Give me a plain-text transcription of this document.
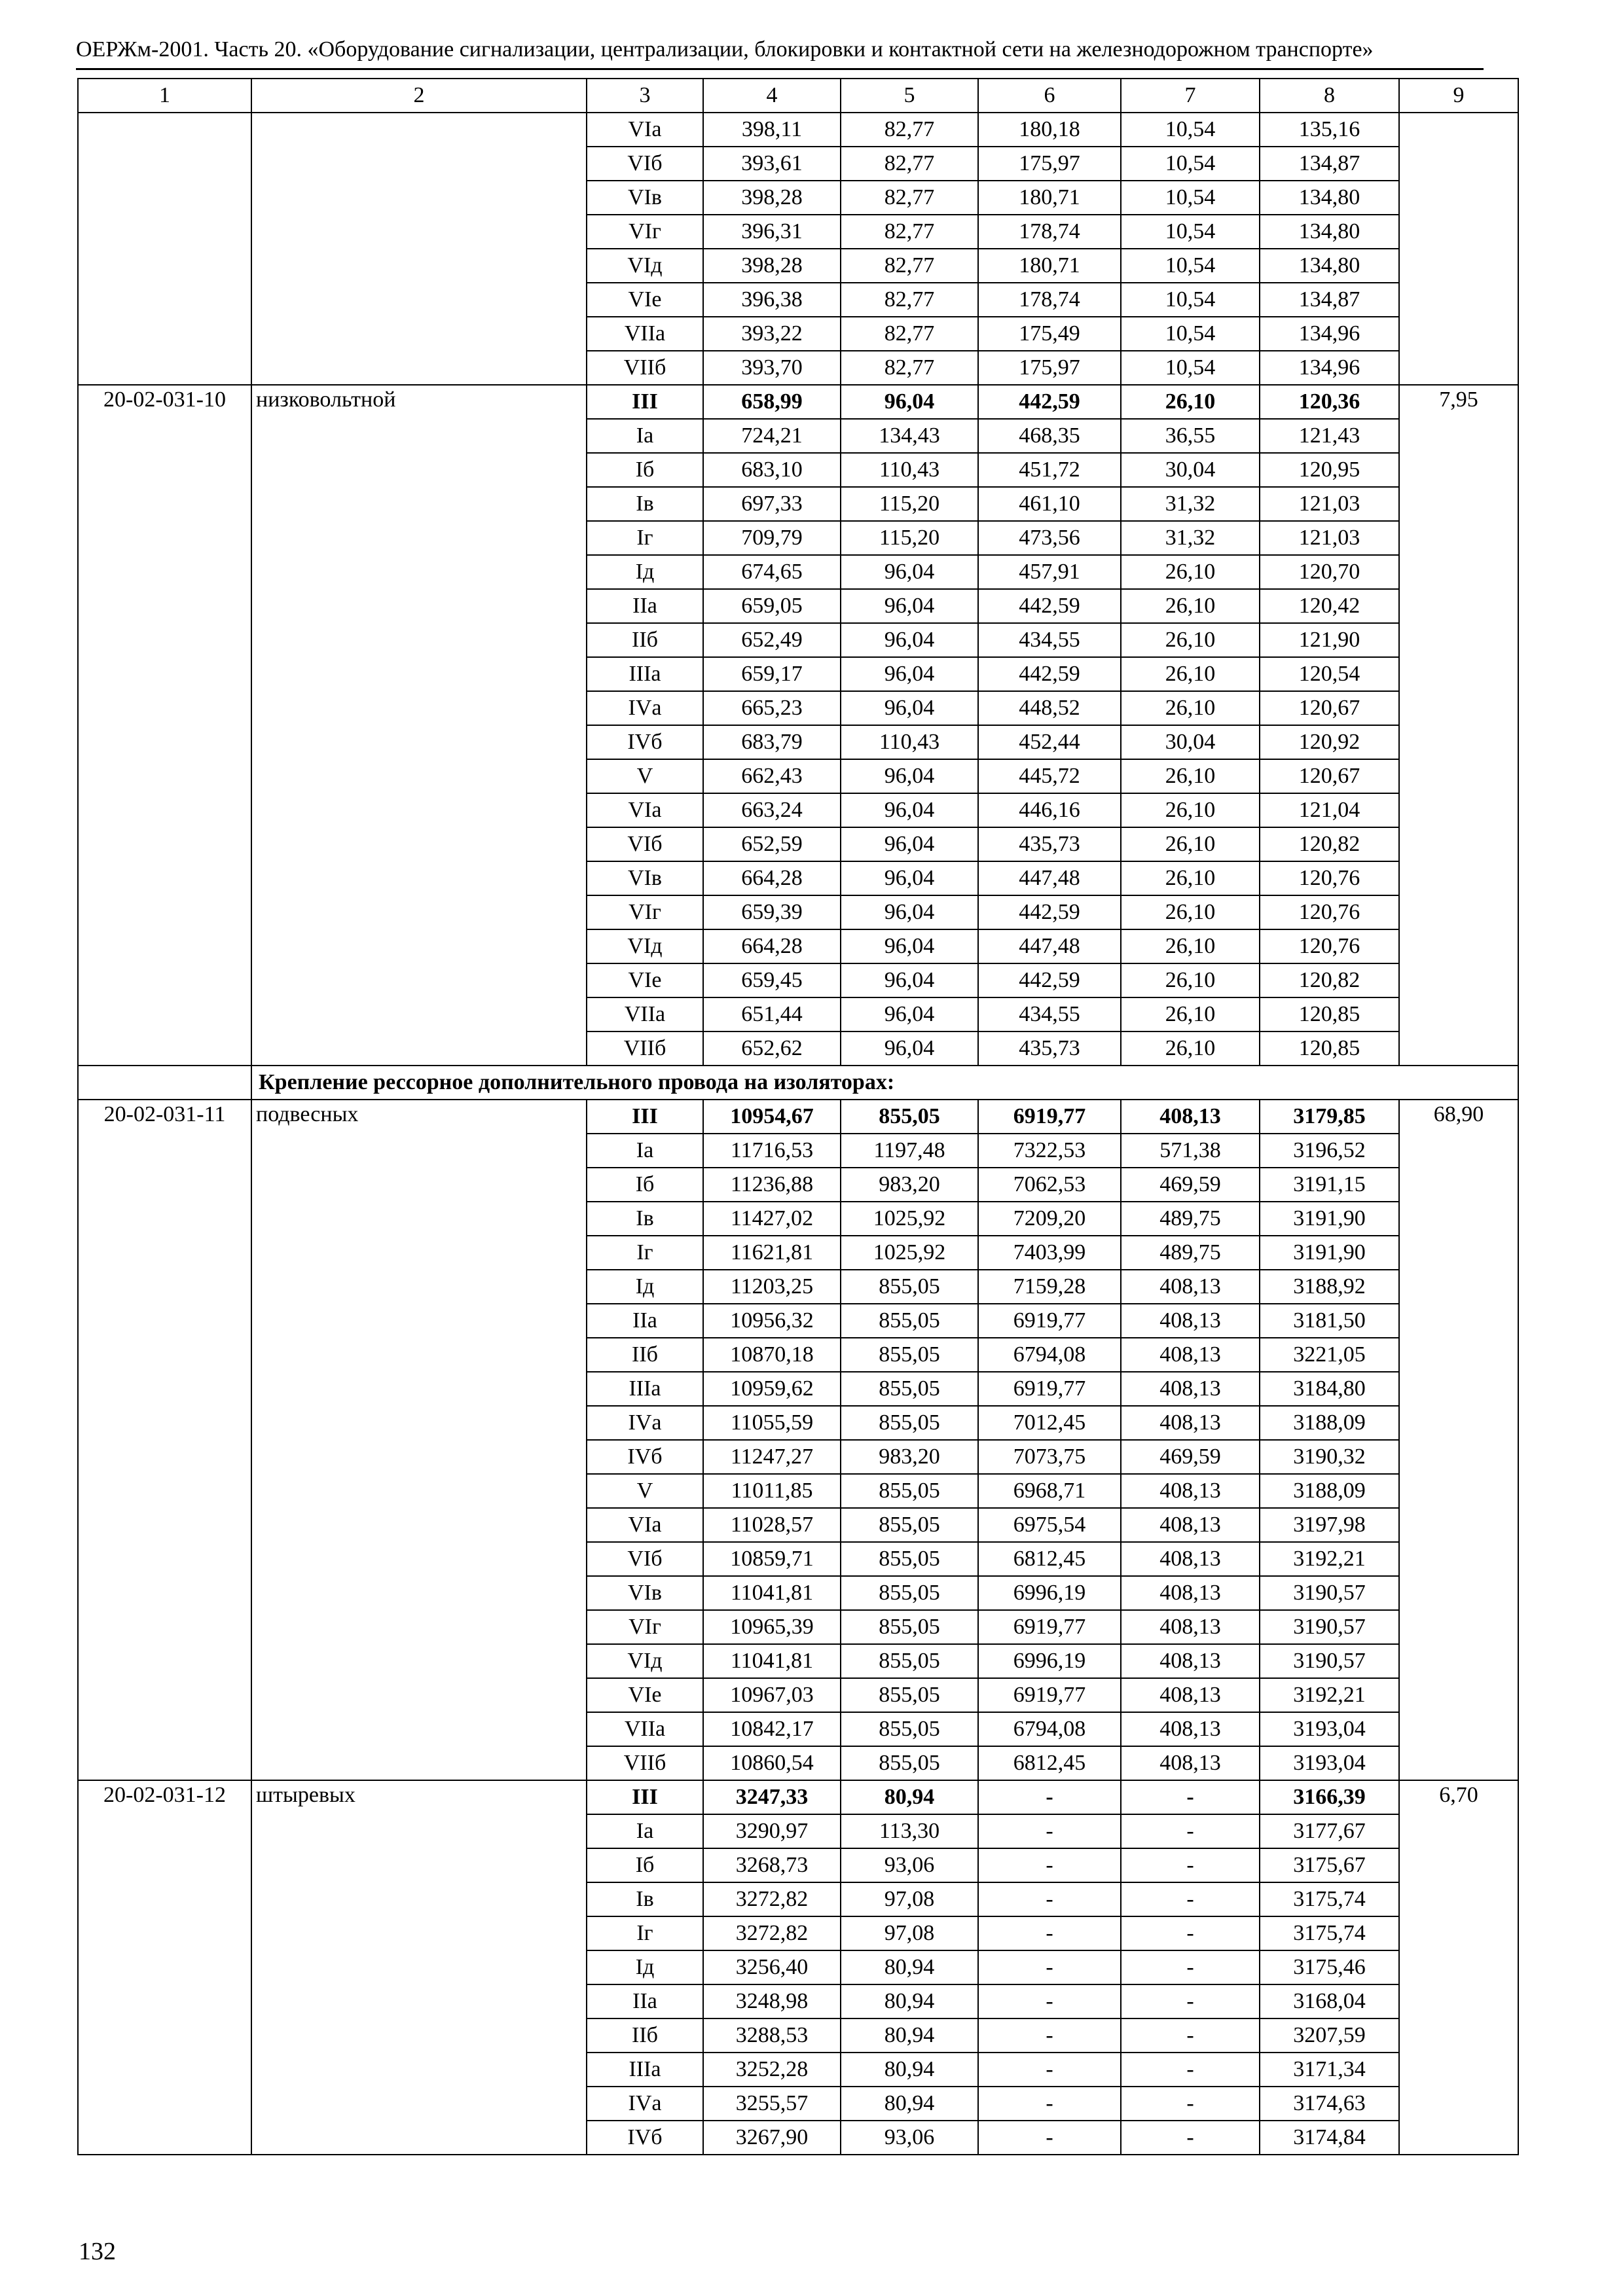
ОЕРЖм-2001. Часть 20. «Оборудование сигнализации, централизации, блокировки и контактной сети на железнодорожном транспорте»
1	2	3	4	5	6	7	8	9
		VIа	398,11	82,77	180,18	10,54	135,16	
		VIб	393,61	82,77	175,97	10,54	134,87	
		VIв	398,28	82,77	180,71	10,54	134,80	
		VIг	396,31	82,77	178,74	10,54	134,80	
		VIд	398,28	82,77	180,71	10,54	134,80	
		VIе	396,38	82,77	178,74	10,54	134,87	
		VIIа	393,22	82,77	175,49	10,54	134,96	
		VIIб	393,70	82,77	175,97	10,54	134,96	
20-02-031-10	низковольтной	III	658,99	96,04	442,59	26,10	120,36	7,95
		Iа	724,21	134,43	468,35	36,55	121,43	
		Iб	683,10	110,43	451,72	30,04	120,95	
		Iв	697,33	115,20	461,10	31,32	121,03	
		Iг	709,79	115,20	473,56	31,32	121,03	
		Iд	674,65	96,04	457,91	26,10	120,70	
		IIа	659,05	96,04	442,59	26,10	120,42	
		IIб	652,49	96,04	434,55	26,10	121,90	
		IIIа	659,17	96,04	442,59	26,10	120,54	
		IVа	665,23	96,04	448,52	26,10	120,67	
		IVб	683,79	110,43	452,44	30,04	120,92	
		V	662,43	96,04	445,72	26,10	120,67	
		VIа	663,24	96,04	446,16	26,10	121,04	
		VIб	652,59	96,04	435,73	26,10	120,82	
		VIв	664,28	96,04	447,48	26,10	120,76	
		VIг	659,39	96,04	442,59	26,10	120,76	
		VIд	664,28	96,04	447,48	26,10	120,76	
		VIе	659,45	96,04	442,59	26,10	120,82	
		VIIа	651,44	96,04	434,55	26,10	120,85	
		VIIб	652,62	96,04	435,73	26,10	120,85	
	Крепление рессорное дополнительного провода на изоляторах:							
20-02-031-11	подвесных	III	10954,67	855,05	6919,77	408,13	3179,85	68,90
		Iа	11716,53	1197,48	7322,53	571,38	3196,52	
		Iб	11236,88	983,20	7062,53	469,59	3191,15	
		Iв	11427,02	1025,92	7209,20	489,75	3191,90	
		Iг	11621,81	1025,92	7403,99	489,75	3191,90	
		Iд	11203,25	855,05	7159,28	408,13	3188,92	
		IIа	10956,32	855,05	6919,77	408,13	3181,50	
		IIб	10870,18	855,05	6794,08	408,13	3221,05	
		IIIа	10959,62	855,05	6919,77	408,13	3184,80	
		IVа	11055,59	855,05	7012,45	408,13	3188,09	
		IVб	11247,27	983,20	7073,75	469,59	3190,32	
		V	11011,85	855,05	6968,71	408,13	3188,09	
		VIа	11028,57	855,05	6975,54	408,13	3197,98	
		VIб	10859,71	855,05	6812,45	408,13	3192,21	
		VIв	11041,81	855,05	6996,19	408,13	3190,57	
		VIг	10965,39	855,05	6919,77	408,13	3190,57	
		VIд	11041,81	855,05	6996,19	408,13	3190,57	
		VIе	10967,03	855,05	6919,77	408,13	3192,21	
		VIIа	10842,17	855,05	6794,08	408,13	3193,04	
		VIIб	10860,54	855,05	6812,45	408,13	3193,04	
20-02-031-12	штыревых	III	3247,33	80,94	-	-	3166,39	6,70
		Iа	3290,97	113,30	-	-	3177,67	
		Iб	3268,73	93,06	-	-	3175,67	
		Iв	3272,82	97,08	-	-	3175,74	
		Iг	3272,82	97,08	-	-	3175,74	
		Iд	3256,40	80,94	-	-	3175,46	
		IIа	3248,98	80,94	-	-	3168,04	
		IIб	3288,53	80,94	-	-	3207,59	
		IIIа	3252,28	80,94	-	-	3171,34	
		IVа	3255,57	80,94	-	-	3174,63	
		IVб	3267,90	93,06	-	-	3174,84	
132
